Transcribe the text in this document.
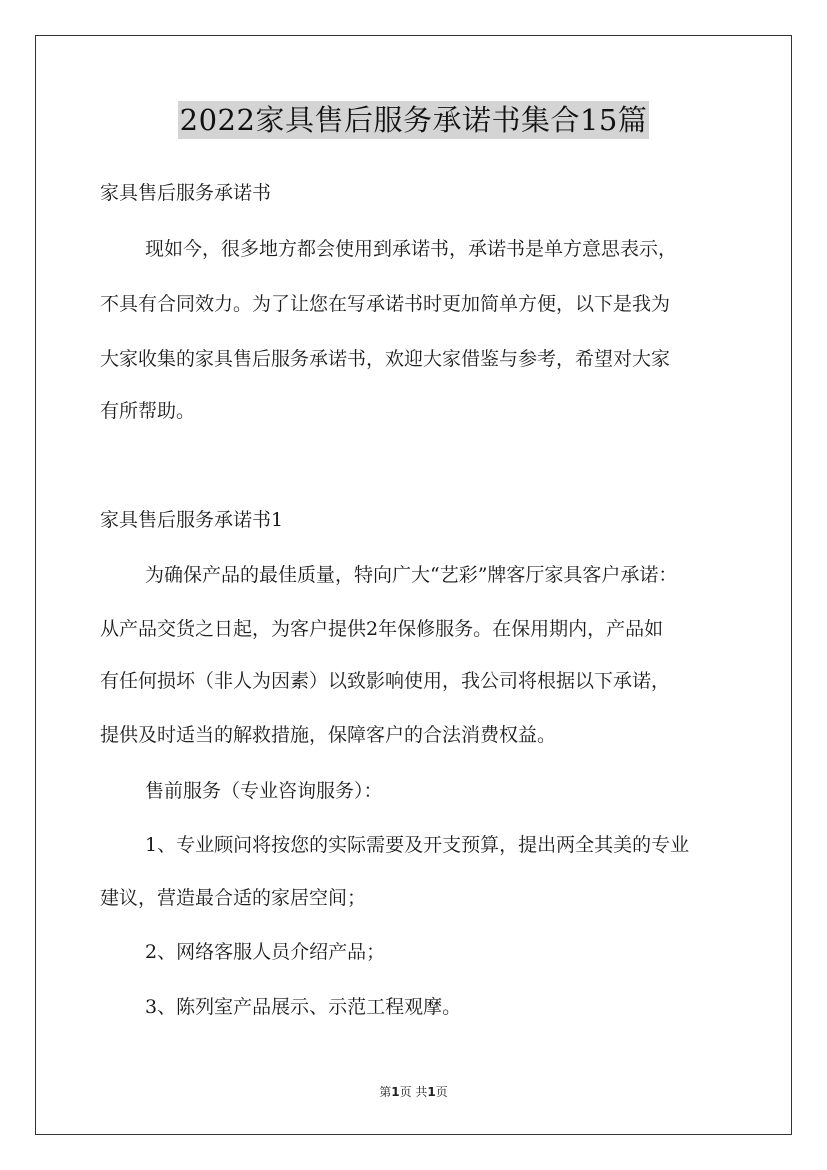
2022家具售后服务承诺书集合15篇
家具售后服务承诺书
现如今，很多地方都会使用到承诺书，承诺书是单方意思表示，
不具有合同效力。为了让您在写承诺书时更加简单方便，以下是我为
大家收集的家具售后服务承诺书，欢迎大家借鉴与参考，希望对大家
有所帮助。
家具售后服务承诺书1
为确保产品的最佳质量，特向广大“艺彩”牌客厅家具客户承诺：
从产品交货之日起，为客户提供2年保修服务。在保用期内，产品如
有任何损坏（非人为因素）以致影响使用，我公司将根据以下承诺，
提供及时适当的解救措施，保障客户的合法消费权益。
售前服务（专业咨询服务）：
1、专业顾问将按您的实际需要及开支预算，提出两全其美的专业
建议，营造最合适的家居空间；
2、网络客服人员介绍产品；
3、陈列室产品展示、示范工程观摩。
第1页 共1页
